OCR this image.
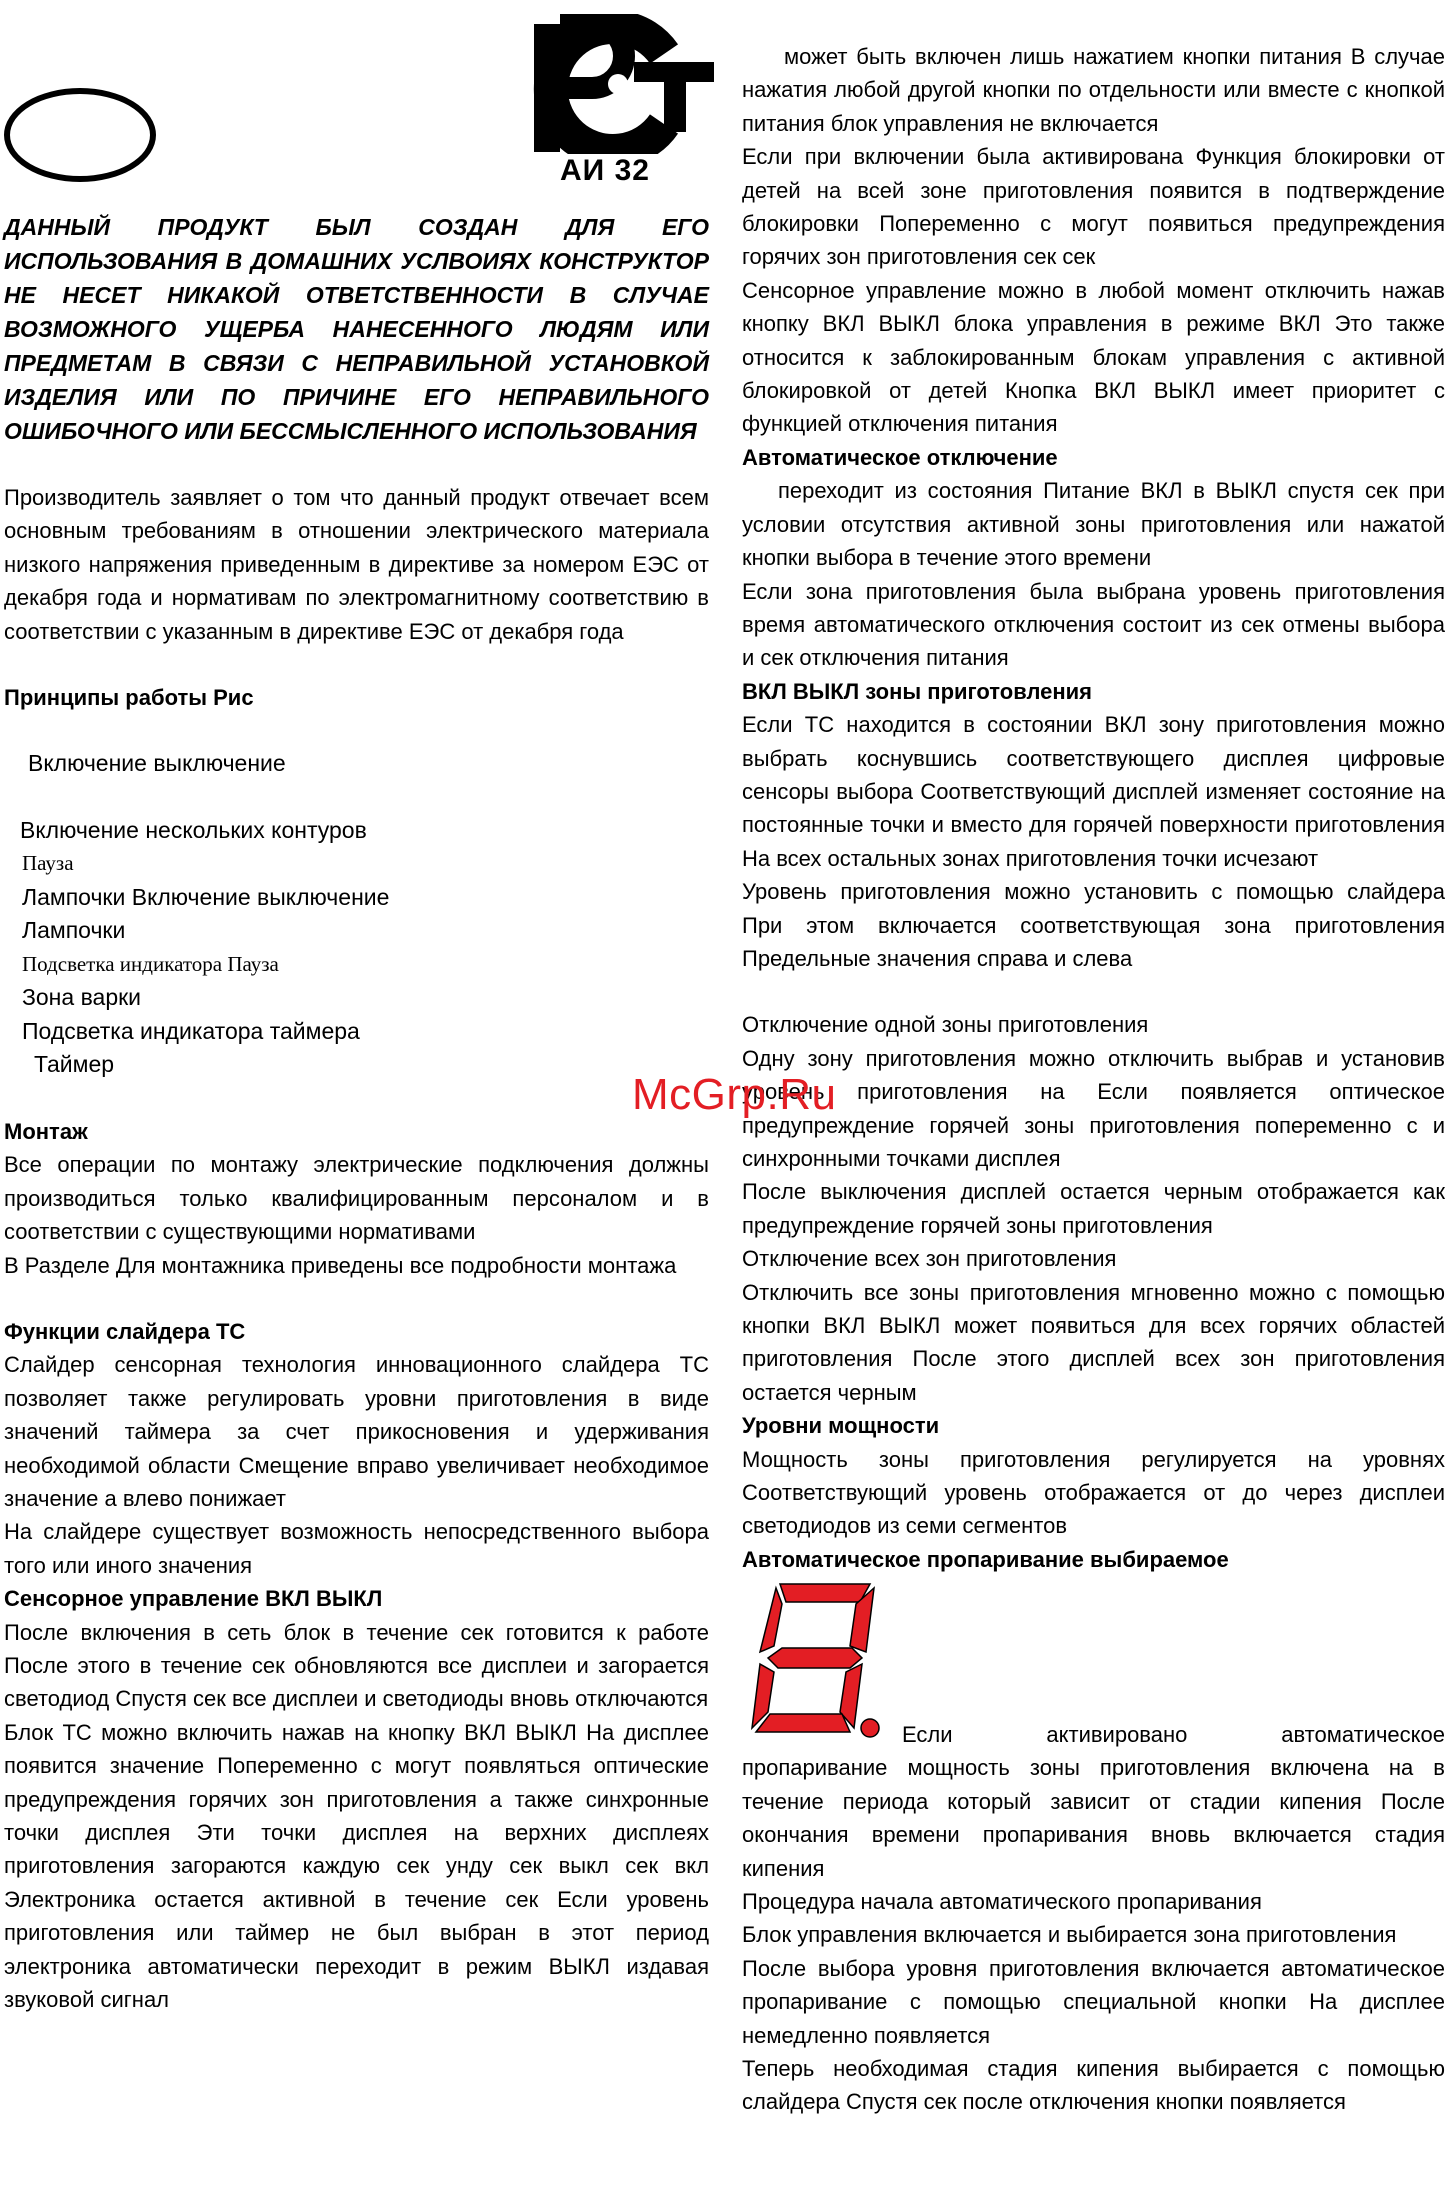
АИ 32

ДАННЫЙ ПРОДУКТ БЫЛ СОЗДАН ДЛЯ ЕГО ИСПОЛЬЗОВАНИЯ В ДОМАШНИХ УСЛВОИЯХ КОНСТРУКТОР НЕ НЕСЕТ НИКАКОЙ ОТВЕТСТВЕННОСТИ В СЛУЧАЕ ВОЗМОЖНОГО УЩЕРБА НАНЕСЕННОГО ЛЮДЯМ ИЛИ ПРЕДМЕТАМ В СВЯЗИ С НЕПРАВИЛЬНОЙ УСТАНОВКОЙ ИЗДЕЛИЯ ИЛИ ПО ПРИЧИНЕ ЕГО НЕПРАВИЛЬНОГО ОШИБОЧНОГО ИЛИ БЕССМЫСЛЕННОГО ИСПОЛЬЗОВАНИЯ

Производитель заявляет о том что данный продукт отвечает всем основным требованиям в отношении электрического материала низкого напряжения приведенным в директиве за номером ЕЭС от декабря года и нормативам по электромагнитному соответствию в соответствии с указанным в директиве ЕЭС от декабря года

Принципы работы Рис
Включение выключение
Включение нескольких контуров
Пауза
Лампочки Включение выключение
Лампочки
Подсветка индикатора Пауза
Зона варки
Подсветка индикатора таймера
Таймер
Монтаж

Все операции по монтажу электрические подключения должны производиться только квалифицированным персоналом и в соответствии с существующими нормативами

В Разделе Для монтажника приведены все подробности монтажа

Функции слайдера ТС

Слайдер сенсорная технология инновационного слайдера ТС позволяет также регулировать уровни приготовления в виде значений таймера за счет прикосновения и удерживания необходимой области Смещение вправо увеличивает необходимое значение а влево понижает

На слайдере существует возможность непосредственного выбора того или иного значения

Сенсорное управление ВКЛ ВЫКЛ

После включения в сеть блок в течение сек готовится к работе После этого в течение сек обновляются все дисплеи и загорается светодиод Спустя сек все дисплеи и светодиоды вновь отключаются

Блок ТС можно включить нажав на кнопку ВКЛ ВЫКЛ На дисплее появится значение Попеременно с могут появляться оптические предупреждения горячих зон приготовления а также синхронные точки дисплея Эти точки дисплея на верхних дисплеях приготовления загораются каждую сек унду сек выкл сек вкл Электроника остается активной в течение сек Если уровень приготовления или таймер не был выбран в этот период электроника автоматически переходит в режим ВЫКЛ издавая звуковой сигнал

может быть включен лишь нажатием кнопки питания В случае нажатия любой другой кнопки по отдельности или вместе с кнопкой питания блок управления не включается

Если при включении была активирована Функция блокировки от детей на всей зоне приготовления появится в подтверждение блокировки Попеременно с могут появиться предупреждения горячих зон приготовления сек сек

Сенсорное управление можно в любой момент отключить нажав кнопку ВКЛ ВЫКЛ блока управления в режиме ВКЛ Это также относится к заблокированным блокам управления с активной блокировкой от детей Кнопка ВКЛ ВЫКЛ имеет приоритет с функцией отключения питания

Автоматическое отключение

переходит из состояния Питание ВКЛ в ВЫКЛ спустя сек при условии отсутствия активной зоны приготовления или нажатой кнопки выбора в течение этого времени

Если зона приготовления была выбрана уровень приготовления время автоматического отключения состоит из сек отмены выбора и сек отключения питания

ВКЛ ВЫКЛ зоны приготовления

Если ТС находится в состоянии ВКЛ зону приготовления можно выбрать коснувшись соответствующего дисплея цифровые сенсоры выбора Соответствующий дисплей изменяет состояние на постоянные точки и вместо для горячей поверхности приготовления На всех остальных зонах приготовления точки исчезают

Уровень приготовления можно установить с помощью слайдера При этом включается соответствующая зона приготовления Предельные значения справа и слева

Отключение одной зоны приготовления

Одну зону приготовления можно отключить выбрав и установив уровень приготовления на Если появляется оптическое предупреждение горячей зоны приготовления попеременно с и синхронными точками дисплея

После выключения дисплей остается черным отображается как предупреждение горячей зоны приготовления

Отключение всех зон приготовления

Отключить все зоны приготовления мгновенно можно с помощью кнопки ВКЛ ВЫКЛ может появиться для всех горячих областей приготовления После этого дисплей всех зон приготовления остается черным

Уровни мощности

Мощность зоны приготовления регулируется на уровнях Соответствующий уровень отображается от до через дисплеи светодиодов из семи сегментов

Автоматическое пропаривание выбираемое

Если активировано автоматическое

пропаривание мощность зоны приготовления включена на в течение периода который зависит от стадии кипения После окончания времени пропаривания вновь включается стадия кипения

Процедура начала автоматического пропаривания

Блок управления включается и выбирается зона приготовления

После выбора уровня приготовления включается автоматическое пропаривание с помощью специальной кнопки На дисплее немедленно появляется

Теперь необходимая стадия кипения выбирается с помощью слайдера Спустя сек после отключения кнопки появляется

McGrp.Ru
